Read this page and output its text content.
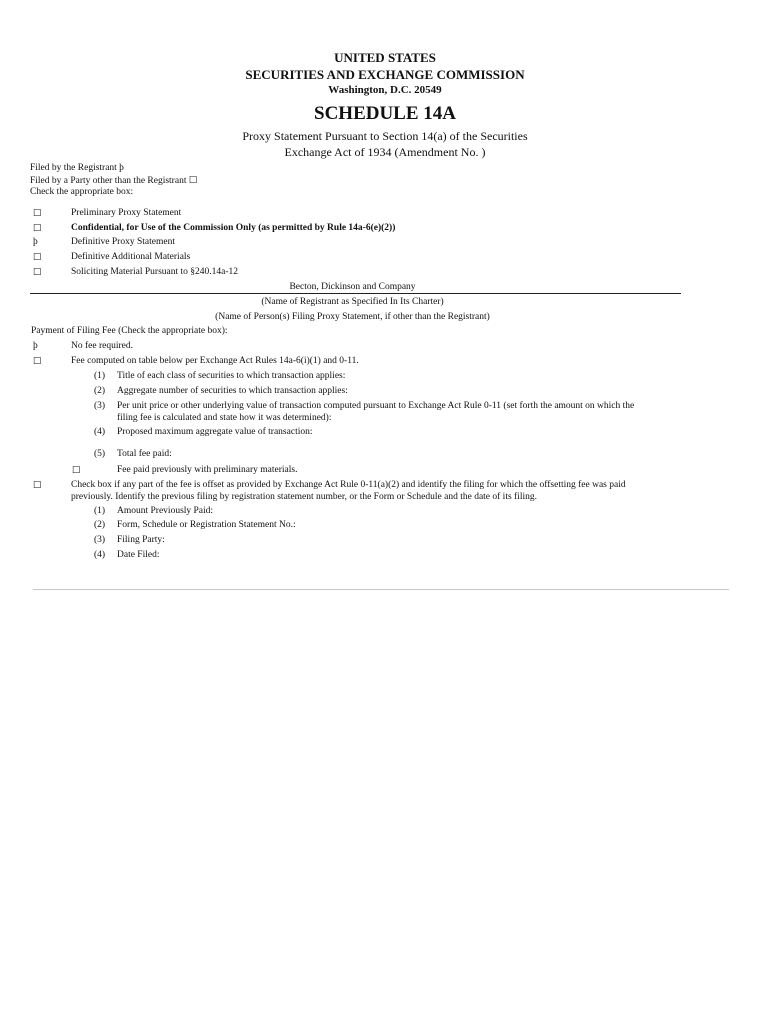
UNITED STATES
SECURITIES AND EXCHANGE COMMISSION
Washington, D.C. 20549
SCHEDULE 14A
Proxy Statement Pursuant to Section 14(a) of the Securities
Exchange Act of 1934 (Amendment No. )
Filed by the Registrant þ
Filed by a Party other than the Registrant ☐
Check the appropriate box:
☐	Preliminary Proxy Statement
☐	Confidential, for Use of the Commission Only (as permitted by Rule 14a-6(e)(2))
þ	Definitive Proxy Statement
☐	Definitive Additional Materials
☐	Soliciting Material Pursuant to §240.14a-12
Becton, Dickinson and Company
(Name of Registrant as Specified In Its Charter)
(Name of Person(s) Filing Proxy Statement, if other than the Registrant)
Payment of Filing Fee (Check the appropriate box):
þ	No fee required.
☐	Fee computed on table below per Exchange Act Rules 14a-6(i)(1) and 0-11.
(1) Title of each class of securities to which transaction applies:
(2) Aggregate number of securities to which transaction applies:
(3) Per unit price or other underlying value of transaction computed pursuant to Exchange Act Rule 0-11 (set forth the amount on which the
filing fee is calculated and state how it was determined):
(4) Proposed maximum aggregate value of transaction:
(5) Total fee paid:
☐	Fee paid previously with preliminary materials.
☐	Check box if any part of the fee is offset as provided by Exchange Act Rule 0-11(a)(2) and identify the filing for which the offsetting fee was paid
previously. Identify the previous filing by registration statement number, or the Form or Schedule and the date of its filing.
(1) Amount Previously Paid:
(2) Form, Schedule or Registration Statement No.:
(3) Filing Party:
(4) Date Filed:
